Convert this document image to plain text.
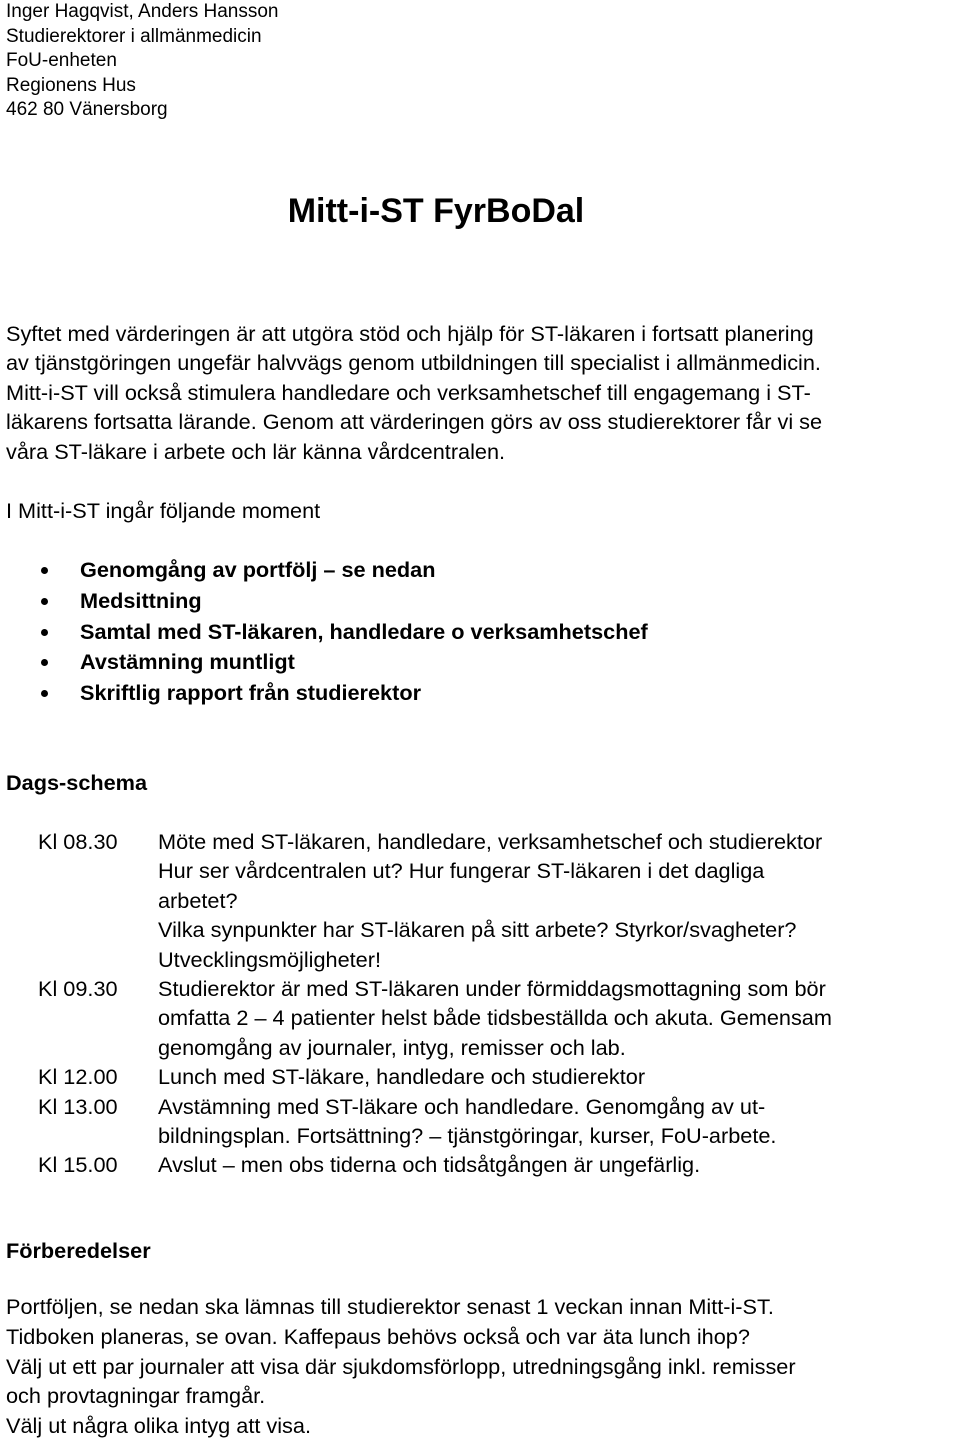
Inger Hagqvist, Anders Hansson
Studierektorer i allmänmedicin
FoU-enheten
Regionens Hus
462 80 Vänersborg
Mitt-i-ST FyrBoDal

Syftet med värderingen är att utgöra stöd och hjälp för ST-läkaren i fortsatt planering

av tjänstgöringen ungefär halvvägs genom utbildningen till specialist i allmänmedicin.

Mitt-i-ST vill också stimulera handledare och verksamhetschef till engagemang i ST-

läkarens fortsatta lärande. Genom att värderingen görs av oss studierektorer får vi se

våra ST-läkare i arbete och lär känna vårdcentralen.

I Mitt-i-ST ingår följande moment
Genomgång av portfölj – se nedan
Medsittning
Samtal med ST-läkaren, handledare o verksamhetschef
Avstämning muntligt
Skriftlig rapport från studierektor
Dags-schema
Kl 08.30 Möte med ST-läkaren, handledare, verksamhetschef och studierektor
Hur ser vårdcentralen ut? Hur fungerar ST-läkaren i det dagliga
arbetet?
Vilka synpunkter har ST-läkaren på sitt arbete? Styrkor/svagheter?
Utvecklingsmöjligheter!
Kl 09.30 Studierektor är med ST-läkaren under förmiddagsmottagning som bör
omfatta 2 – 4 patienter helst både tidsbeställda och akuta. Gemensam
genomgång av journaler, intyg, remisser och lab.
Kl 12.00 Lunch med ST-läkare, handledare och studierektor
Kl 13.00 Avstämning med ST-läkare och handledare. Genomgång av ut-
bildningsplan. Fortsättning? – tjänstgöringar, kurser, FoU-arbete.
Kl 15.00 Avslut – men obs tiderna och tidsåtgången är ungefärlig.
Förberedelser
Portföljen, se nedan ska lämnas till studierektor senast 1 veckan innan Mitt-i-ST.
Tidboken planeras, se ovan. Kaffepaus behövs också och var äta lunch ihop?
Välj ut ett par journaler att visa där sjukdomsförlopp, utredningsgång inkl. remisser
och provtagningar framgår.
Välj ut några olika intyg att visa.
